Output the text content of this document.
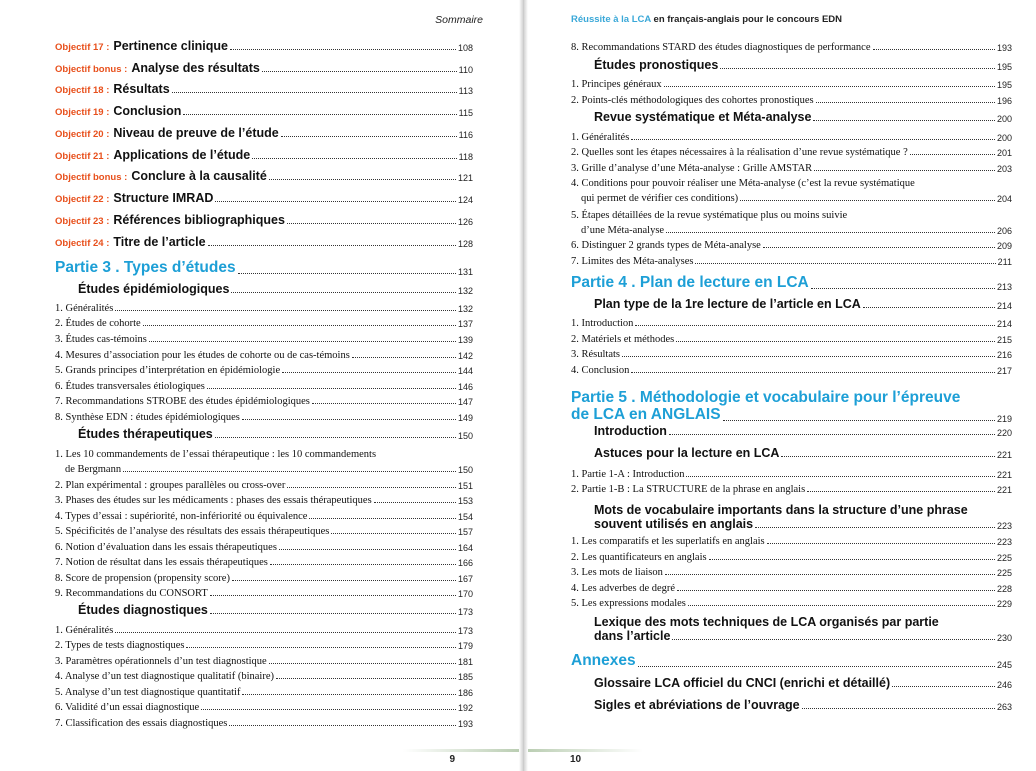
Sommaire
Objectif 17 : Pertinence clinique	108
Objectif bonus : Analyse des résultats	110
Objectif 18 : Résultats	113
Objectif 19 : Conclusion	115
Objectif 20 : Niveau de preuve de l’étude	116
Objectif 21 : Applications de l’étude	118
Objectif bonus : Conclure à la causalité	121
Objectif 22 : Structure IMRAD	124
Objectif 23 : Références bibliographiques	126
Objectif 24 : Titre de l’article	128
Partie 3 . Types d’études	131
Études épidémiologiques	132
1. Généralités	132
2. Études de cohorte	137
3. Études cas-témoins	139
4. Mesures d’association pour les études de cohorte ou de cas-témoins	142
5. Grands principes d’interprétation en épidémiologie	144
6. Études transversales étiologiques	146
7. Recommandations STROBE des études épidémiologiques	147
8. Synthèse EDN : études épidémiologiques	149
Études thérapeutiques	150
1. Les 10 commandements de l’essai thérapeutique : les 10 commandements
de Bergmann	150
2. Plan expérimental : groupes parallèles ou cross-over	151
3. Phases des études sur les médicaments : phases des essais thérapeutiques	153
4. Types d’essai : supériorité, non-infériorité ou équivalence	154
5. Spécificités de l’analyse des résultats des essais thérapeutiques	157
6. Notion d’évaluation dans les essais thérapeutiques	164
7. Notion de résultat dans les essais thérapeutiques	166
8. Score de propension (propensity score)	167
9. Recommandations du CONSORT	170
Études diagnostiques	173
1. Généralités	173
2. Types de tests diagnostiques	179
3. Paramètres opérationnels d’un test diagnostique	181
4. Analyse d’un test diagnostique qualitatif (binaire)	185
5. Analyse d’un test diagnostique quantitatif	186
6. Validité d’un essai diagnostique	192
7. Classification des essais diagnostiques	193
9
Réussite à la LCA en français-anglais pour le concours EDN
8. Recommandations STARD des études diagnostiques de performance	193
Études pronostiques	195
1. Principes généraux	195
2. Points-clés méthodologiques des cohortes pronostiques	196
Revue systématique et Méta-analyse	200
1. Généralités	200
2. Quelles sont les étapes nécessaires à la réalisation d’une revue systématique ?	201
3. Grille d’analyse d’une Méta-analyse : Grille AMSTAR	203
4. Conditions pour pouvoir réaliser une Méta-analyse (c’est la revue systématique
qui permet de vérifier ces conditions)	204
5. Étapes détaillées de la revue systématique plus ou moins suivie
d’une Méta-analyse	206
6. Distinguer 2 grands types de Méta-analyse	209
7. Limites des Méta-analyses	211
Partie 4 . Plan de lecture en LCA	213
Plan type de la 1re lecture de l’article en LCA	214
1. Introduction	214
2. Matériels et méthodes	215
3. Résultats	216
4. Conclusion	217
Partie 5 . Méthodologie et vocabulaire pour l’épreuve
de LCA en ANGLAIS	219
Introduction	220
Astuces pour la lecture en LCA	221
1. Partie 1-A : Introduction	221
2. Partie 1-B : La STRUCTURE de la phrase en anglais	221
Mots de vocabulaire importants dans la structure d’une phrase
souvent utilisés en anglais	223
1. Les comparatifs et les superlatifs en anglais	223
2. Les quantificateurs en anglais	225
3. Les mots de liaison	225
4. Les adverbes de degré	228
5. Les expressions modales	229
Lexique des mots techniques de LCA organisés par partie
dans l’article	230
Annexes	245
Glossaire LCA officiel du CNCI (enrichi et détaillé)	246
Sigles et abréviations de l’ouvrage	263
10
